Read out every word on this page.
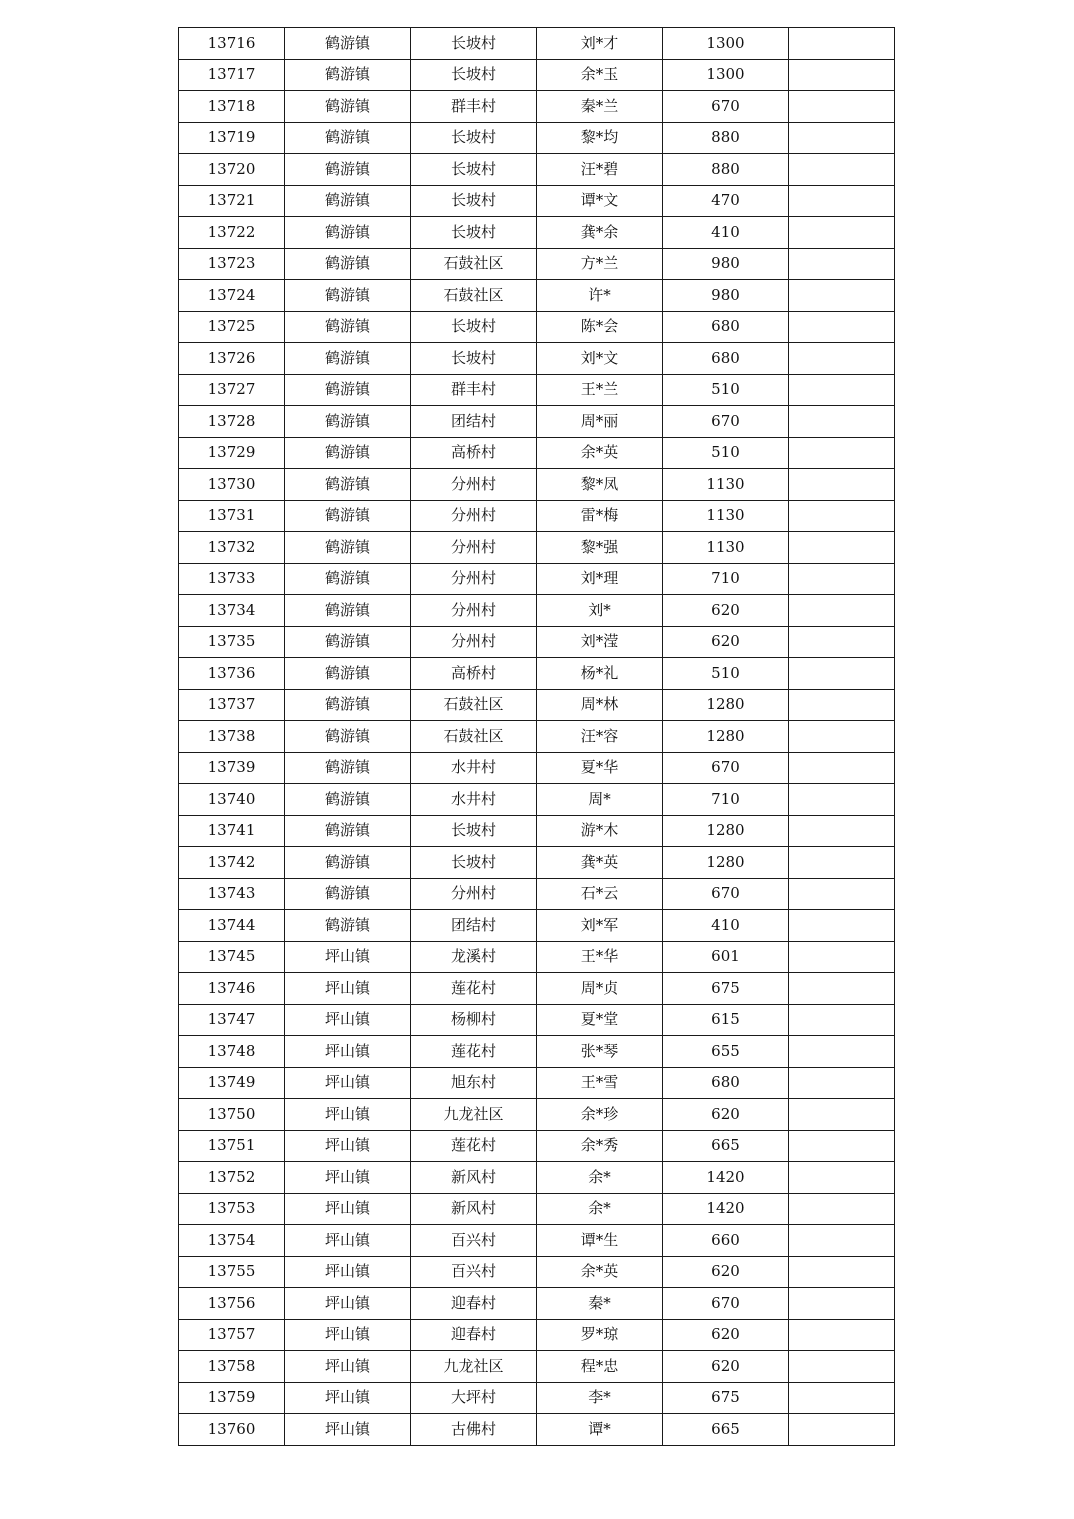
13716	鹤游镇	长坡村	刘*才	1300	
13717	鹤游镇	长坡村	余*玉	1300	
13718	鹤游镇	群丰村	秦*兰	670	
13719	鹤游镇	长坡村	黎*均	880	
13720	鹤游镇	长坡村	汪*碧	880	
13721	鹤游镇	长坡村	谭*文	470	
13722	鹤游镇	长坡村	龚*余	410	
13723	鹤游镇	石鼓社区	方*兰	980	
13724	鹤游镇	石鼓社区	许*	980	
13725	鹤游镇	长坡村	陈*会	680	
13726	鹤游镇	长坡村	刘*文	680	
13727	鹤游镇	群丰村	王*兰	510	
13728	鹤游镇	团结村	周*丽	670	
13729	鹤游镇	高桥村	余*英	510	
13730	鹤游镇	分州村	黎*凤	1130	
13731	鹤游镇	分州村	雷*梅	1130	
13732	鹤游镇	分州村	黎*强	1130	
13733	鹤游镇	分州村	刘*理	710	
13734	鹤游镇	分州村	刘*	620	
13735	鹤游镇	分州村	刘*滢	620	
13736	鹤游镇	高桥村	杨*礼	510	
13737	鹤游镇	石鼓社区	周*林	1280	
13738	鹤游镇	石鼓社区	汪*容	1280	
13739	鹤游镇	水井村	夏*华	670	
13740	鹤游镇	水井村	周*	710	
13741	鹤游镇	长坡村	游*木	1280	
13742	鹤游镇	长坡村	龚*英	1280	
13743	鹤游镇	分州村	石*云	670	
13744	鹤游镇	团结村	刘*军	410	
13745	坪山镇	龙溪村	王*华	601	
13746	坪山镇	莲花村	周*贞	675	
13747	坪山镇	杨柳村	夏*堂	615	
13748	坪山镇	莲花村	张*琴	655	
13749	坪山镇	旭东村	王*雪	680	
13750	坪山镇	九龙社区	余*珍	620	
13751	坪山镇	莲花村	余*秀	665	
13752	坪山镇	新风村	余*	1420	
13753	坪山镇	新风村	余*	1420	
13754	坪山镇	百兴村	谭*生	660	
13755	坪山镇	百兴村	余*英	620	
13756	坪山镇	迎春村	秦*	670	
13757	坪山镇	迎春村	罗*琼	620	
13758	坪山镇	九龙社区	程*忠	620	
13759	坪山镇	大坪村	李*	675	
13760	坪山镇	古佛村	谭*	665	
